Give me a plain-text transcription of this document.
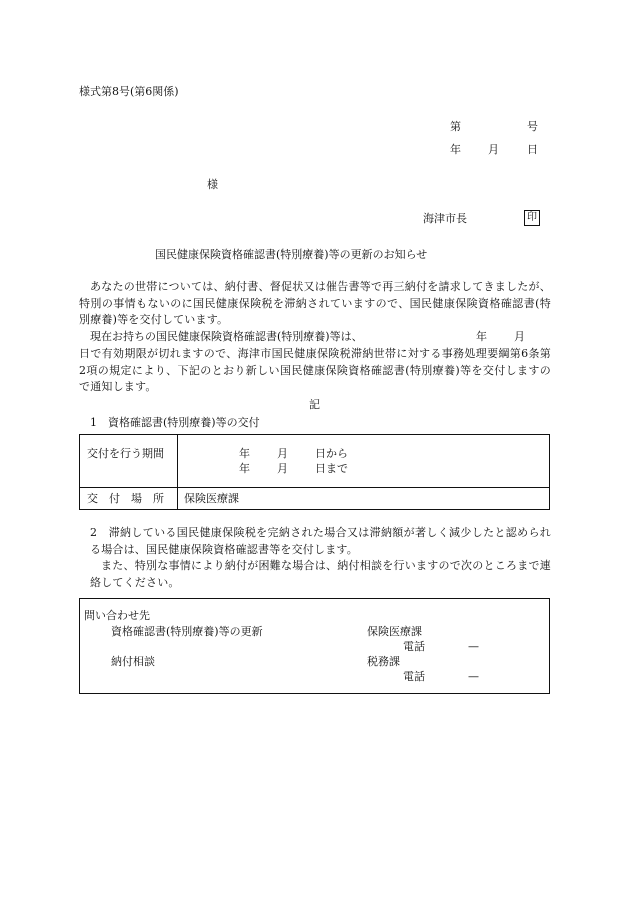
様式第8号(第6関係)
第	号
年 月	日
様
海津市長	印
国民健康保険資格確認書(特別療養)等の更新のお知らせ
あなたの世帯については、納付書、督促状又は催告書等で再三納付を請求してきましたが、特別の事情もないのに国民健康保険税を滞納されていますので、国民健康保険資格確認書(特別療養)等を交付しています。
現在お持ちの国民健康保険資格確認書(特別療養)等は、	年 月
日で有効期限が切れますので、海津市国民健康保険税滞納世帯に対する事務処理要綱第6条第2項の規定により、下記のとおり新しい国民健康保険資格確認書(特別療養)等を交付しますので通知します。
記
1　資格確認書(特別療養)等の交付
交付を行う期間	年 月 日から
年 月 日まで
交　付　場　所 保険医療課
2　滞納している国民健康保険税を完納された場合又は滞納額が著しく減少したと認められる場合は、国民健康保険資格確認書等を交付します。
また、特別な事情により納付が困難な場合は、納付相談を行いますので次のところまで連絡してください。
問い合わせ先
資格確認書(特別療養)等の更新	保険医療課
電話	—
納付相談	税務課
電話	—
